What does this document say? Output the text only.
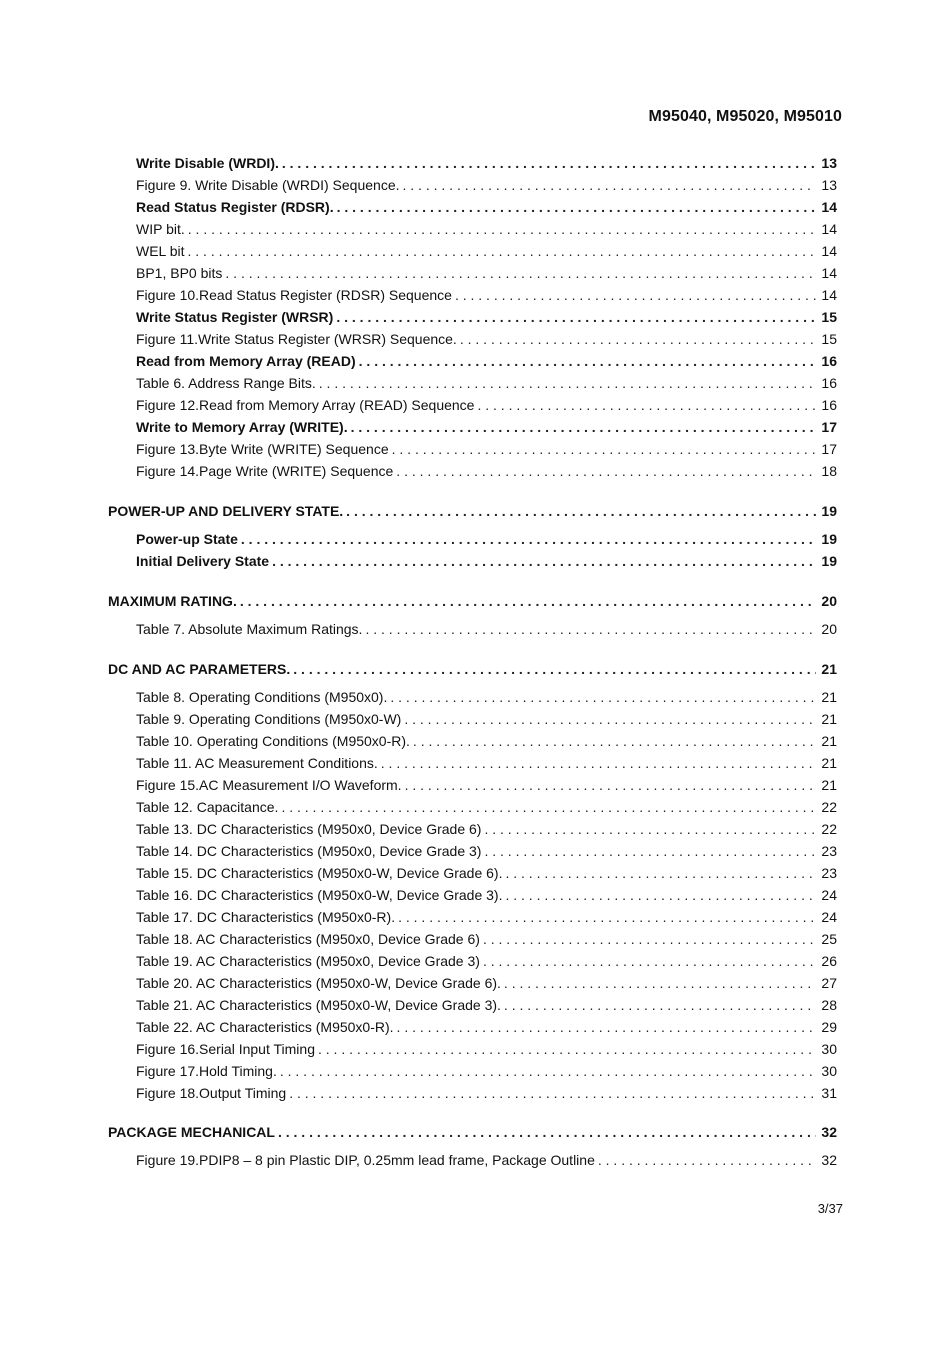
M95040, M95020, M95010
Write Disable (WRDI). . . .	13
Figure 9. Write Disable (WRDI) Sequence. . . .	13
Read Status Register (RDSR). . . .	14
WIP bit. . . .	14
WEL bit . . .	14
BP1, BP0 bits . . .	14
Figure 10.Read Status Register (RDSR) Sequence . . .	14
Write Status Register (WRSR) . . .	15
Figure 11.Write Status Register (WRSR) Sequence. . . .	15
Read from Memory Array (READ) . . .	16
Table 6. Address Range Bits. . . .	16
Figure 12.Read from Memory Array (READ) Sequence . . .	16
Write to Memory Array (WRITE). . . .	17
Figure 13.Byte Write (WRITE) Sequence . . .	17
Figure 14.Page Write (WRITE) Sequence . . .	18
POWER-UP AND DELIVERY STATE. . . .	19
Power-up State . . .	19
Initial Delivery State . . .	19
MAXIMUM RATING. . . .	20
Table 7. Absolute Maximum Ratings. . . .	20
DC AND AC PARAMETERS. . . .	21
Table 8. Operating Conditions (M950x0). . . .	21
Table 9. Operating Conditions (M950x0-W) . . .	21
Table 10. Operating Conditions (M950x0-R). . . .	21
Table 11. AC Measurement Conditions. . . .	21
Figure 15.AC Measurement I/O Waveform. . . .	21
Table 12. Capacitance. . . .	22
Table 13. DC Characteristics (M950x0, Device Grade 6) . . .	22
Table 14. DC Characteristics (M950x0, Device Grade 3) . . .	23
Table 15. DC Characteristics (M950x0-W, Device Grade 6). . . .	23
Table 16. DC Characteristics (M950x0-W, Device Grade 3). . . .	24
Table 17. DC Characteristics (M950x0-R). . . .	24
Table 18. AC Characteristics (M950x0, Device Grade 6) . . .	25
Table 19. AC Characteristics (M950x0, Device Grade 3) . . .	26
Table 20. AC Characteristics (M950x0-W, Device Grade 6). . . .	27
Table 21. AC Characteristics (M950x0-W, Device Grade 3). . . .	28
Table 22. AC Characteristics (M950x0-R). . . .	29
Figure 16.Serial Input Timing . . .	30
Figure 17.Hold Timing. . . .	30
Figure 18.Output Timing . . .	31
PACKAGE MECHANICAL . . .	32
Figure 19.PDIP8 – 8 pin Plastic DIP, 0.25mm lead frame, Package Outline . . .	32
3/37
